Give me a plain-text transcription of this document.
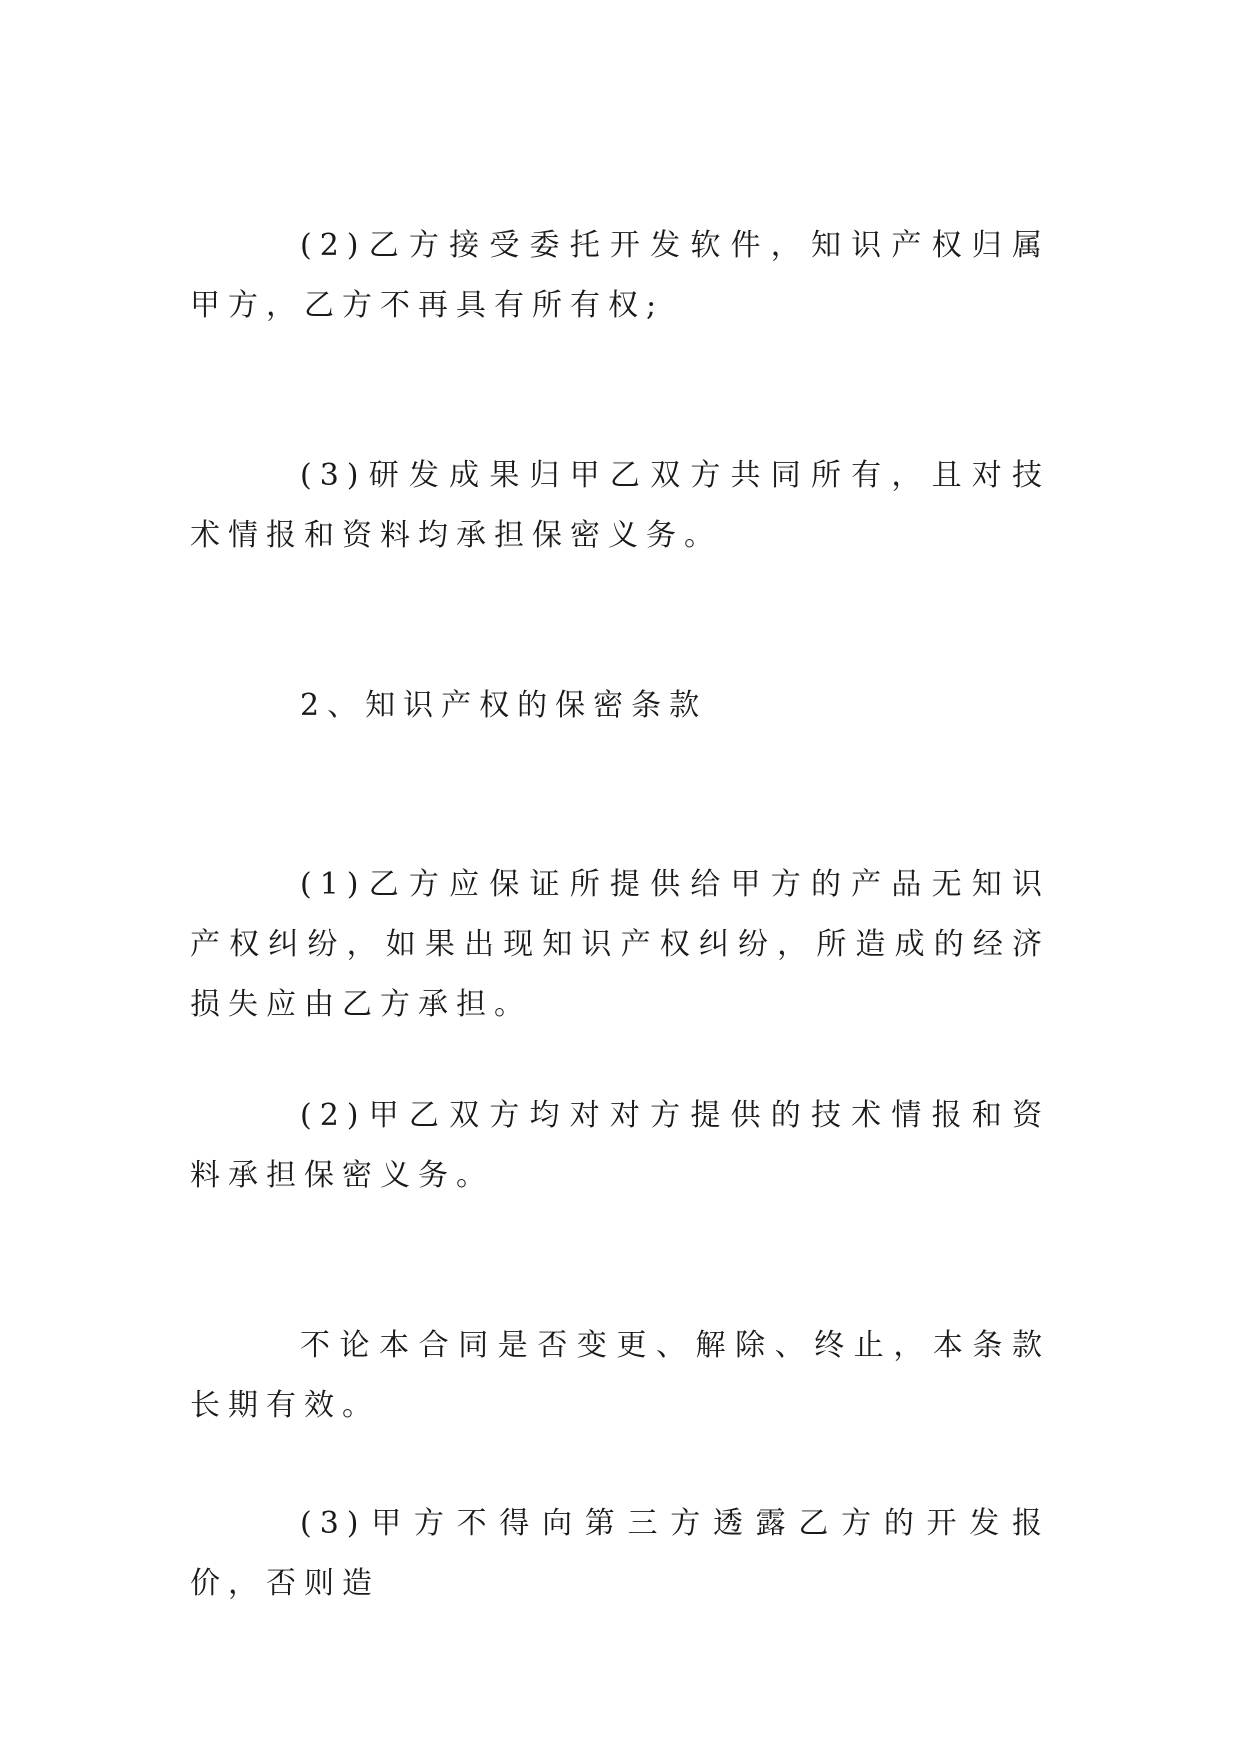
(2)乙方接受委托开发软件，知识产权归属甲方，乙方不再具有所有权;

(3)研发成果归甲乙双方共同所有，且对技术情报和资料均承担保密义务。

2、知识产权的保密条款

(1)乙方应保证所提供给甲方的产品无知识产权纠纷，如果出现知识产权纠纷，所造成的经济损失应由乙方承担。

(2)甲乙双方均对对方提供的技术情报和资料承担保密义务。

不论本合同是否变更、解除、终止，本条款长期有效。

(3)甲方不得向第三方透露乙方的开发报价，否则造
